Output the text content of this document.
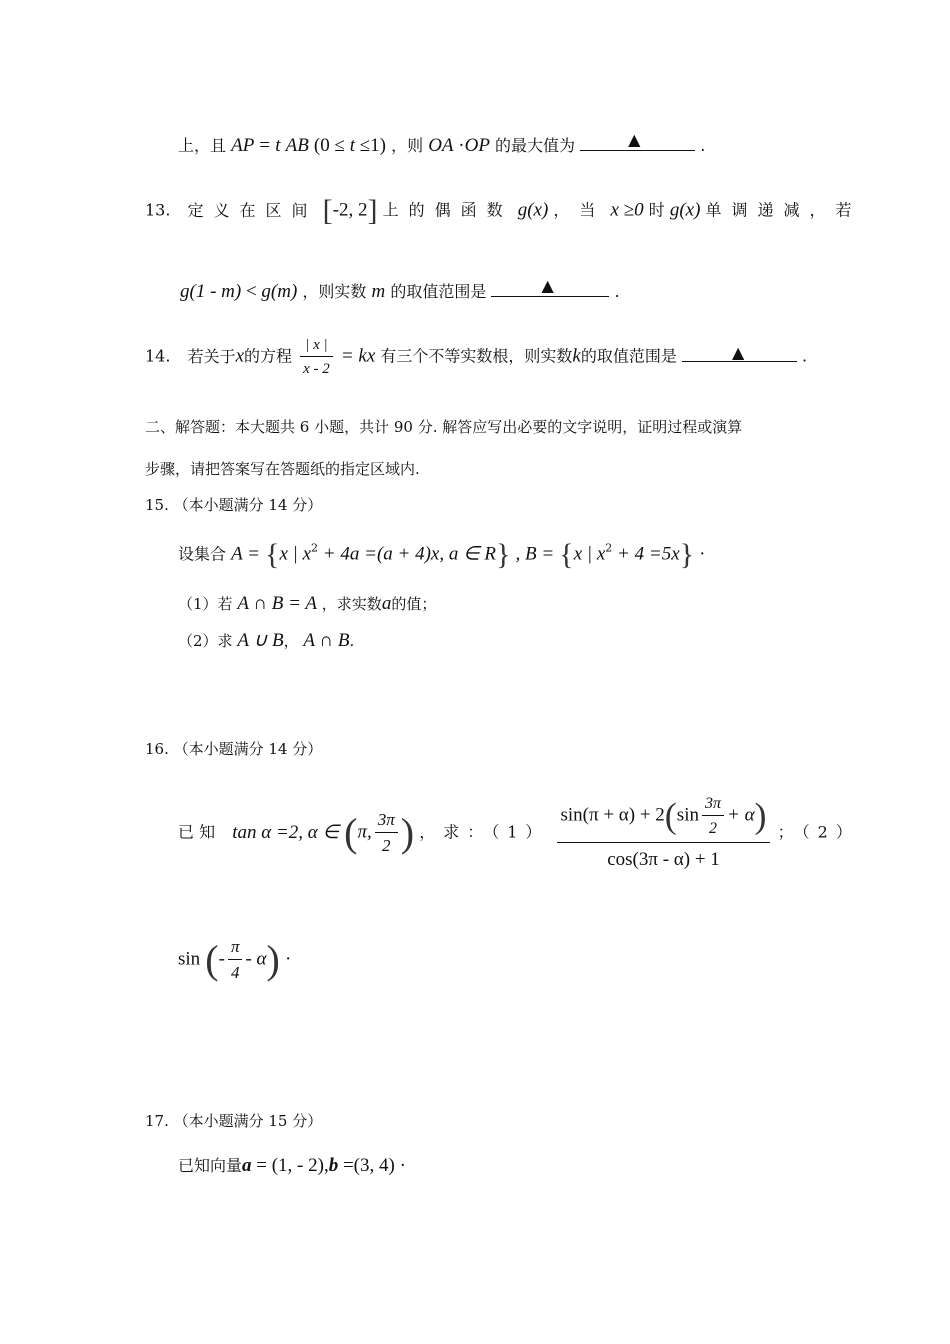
上，且 AP = t AB (0 ≤ t ≤1) ，则 OA ·OP 的最大值为	▲	.
13. 定义在区间 [-2, 2] 上的偶函数 g(x) ，当 x ≥0 时 g(x) 单调递减，若
g(1 - m) < g(m) ，则实数 m 的取值范围是	▲	.
14. 若关于x的方程 $\frac{| x |}{x - 2}$ = kx 有三个不等实数根，则实数k的取值范围是	▲	.
二、解答题：本大题共 6 小题，共计 90 分. 解答应写出必要的文字说明，证明过程或演算
步骤，请把答案写在答题纸的指定区域内.
15. （本小题满分 14 分）
设集合 A = {x | $x^2 + 4a =(a + 4)x$, a ∈ R} , B = {x | $x^2 + 4 =5x$} ·
（1）若 A ∩ B = A ，求实数a的值；
（2）求 A ∪ B， A ∩ B.
16. （本小题满分 14 分）
已 知 tan α =2, α ∈ (π, $\frac{3\pi}{2}$ ) ，求：$(1) \frac{\sin(\pi + \alpha) + 2(\sin \frac{3\pi}{2} + \alpha)}{\cos(3\pi - \alpha) + 1}$ ；（2）
sin (- $\frac{\pi}{4} - \alpha$) ·
17. （本小题满分 15 分）
已知向量a = (1, - 2),b =(3, 4) ·
